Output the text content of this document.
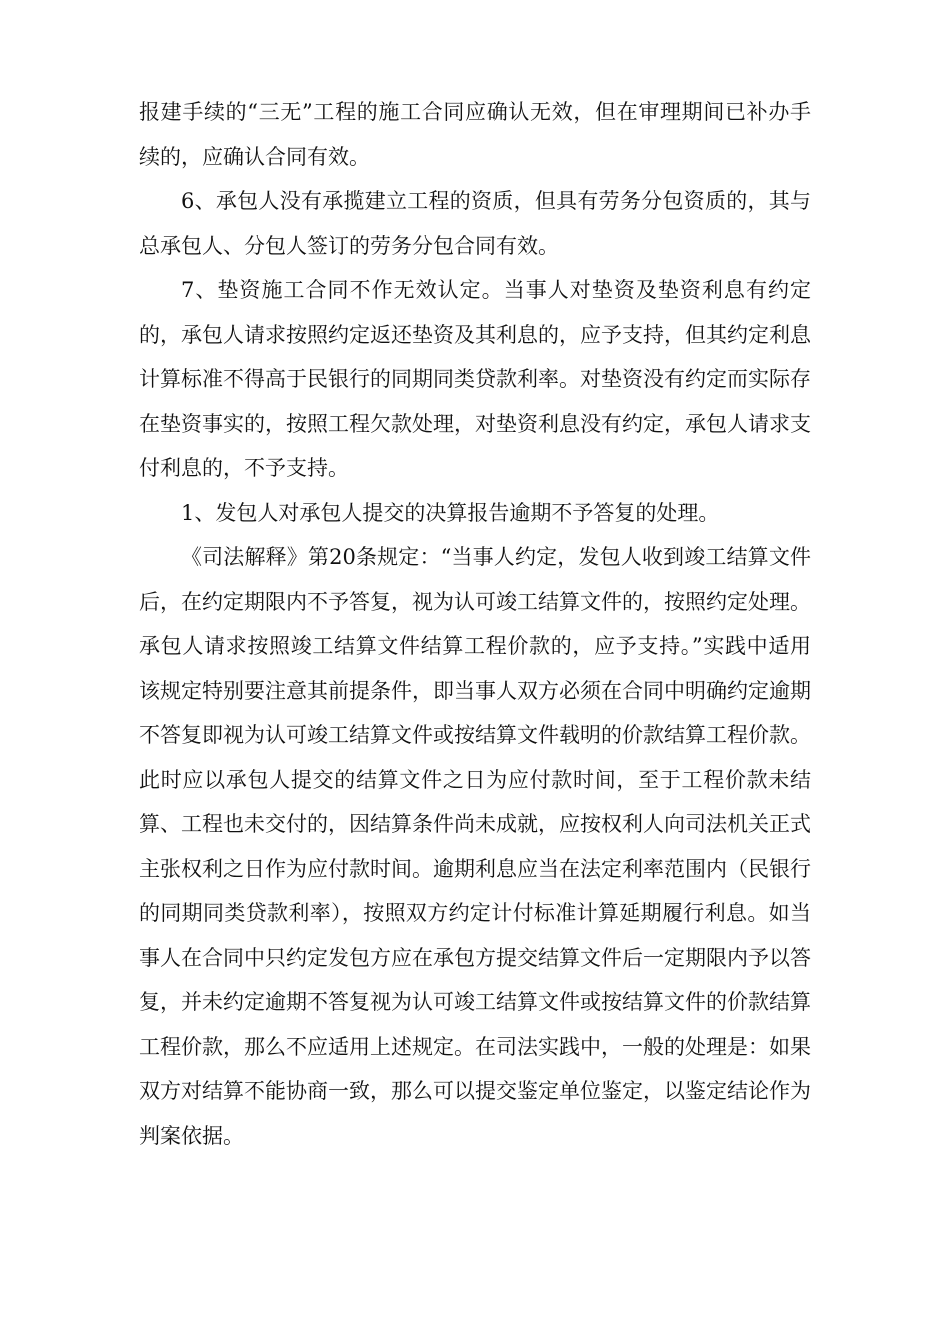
报建手续的“三无”工程的施工合同应确认无效，但在审理期间已补办手续的，应确认合同有效。

6、承包人没有承揽建立工程的资质，但具有劳务分包资质的，其与总承包人、分包人签订的劳务分包合同有效。

7、垫资施工合同不作无效认定。当事人对垫资及垫资利息有约定的，承包人请求按照约定返还垫资及其利息的，应予支持，但其约定利息计算标准不得高于民银行的同期同类贷款利率。对垫资没有约定而实际存在垫资事实的，按照工程欠款处理，对垫资利息没有约定，承包人请求支付利息的，不予支持。

1、发包人对承包人提交的决算报告逾期不予答复的处理。

《司法解释》第20条规定：“当事人约定，发包人收到竣工结算文件后，在约定期限内不予答复，视为认可竣工结算文件的，按照约定处理。承包人请求按照竣工结算文件结算工程价款的，应予支持。”实践中适用该规定特别要注意其前提条件，即当事人双方必须在合同中明确约定逾期不答复即视为认可竣工结算文件或按结算文件载明的价款结算工程价款。此时应以承包人提交的结算文件之日为应付款时间，至于工程价款未结算、工程也未交付的，因结算条件尚未成就，应按权利人向司法机关正式主张权利之日作为应付款时间。逾期利息应当在法定利率范围内（民银行的同期同类贷款利率），按照双方约定计付标准计算延期履行利息。如当事人在合同中只约定发包方应在承包方提交结算文件后一定期限内予以答复，并未约定逾期不答复视为认可竣工结算文件或按结算文件的价款结算工程价款，那么不应适用上述规定。在司法实践中，一般的处理是：如果双方对结算不能协商一致，那么可以提交鉴定单位鉴定，以鉴定结论作为判案依据。
